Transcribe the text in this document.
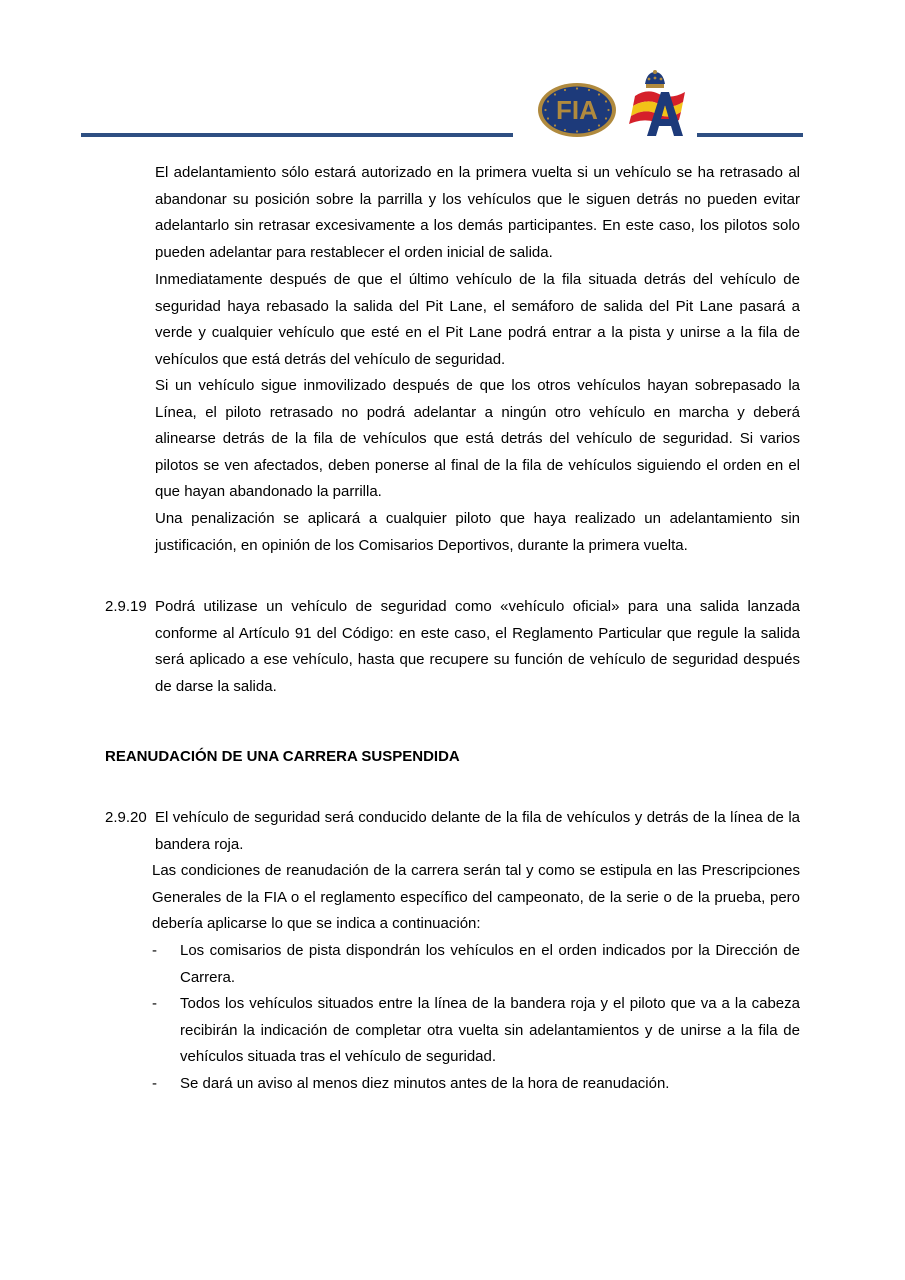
FIA

El adelantamiento sólo estará autorizado en la primera vuelta si un vehículo se ha retrasado al abandonar su posición sobre la parrilla y los vehículos que le siguen detrás no pueden evitar adelantarlo sin retrasar excesivamente a los demás participantes. En este caso, los pilotos solo pueden adelantar para restablecer el orden inicial de salida.

Inmediatamente después de que el último vehículo de la fila situada detrás del vehículo de seguridad haya rebasado la salida del Pit Lane, el semáforo de salida del Pit Lane pasará a verde y cualquier vehículo que esté en el Pit Lane podrá entrar a la pista y unirse a la fila de vehículos que está detrás del vehículo de seguridad.

Si un vehículo sigue inmovilizado después de que los otros vehículos hayan sobrepasado la Línea, el piloto retrasado no podrá adelantar a ningún otro vehículo en marcha y deberá alinearse detrás de la fila de vehículos que está detrás del vehículo de seguridad. Si varios pilotos se ven afectados, deben ponerse al final de la fila de vehículos siguiendo el orden en el que hayan abandonado la parrilla.

Una penalización se aplicará a cualquier piloto que haya realizado un adelantamiento sin justificación, en opinión de los Comisarios Deportivos, durante la primera vuelta.

2.9.19 Podrá utilizase un vehículo de seguridad como «vehículo oficial» para una salida lanzada conforme al Artículo 91 del Código: en este caso, el Reglamento Particular que regule la salida será aplicado a ese vehículo, hasta que recupere su función de vehículo de seguridad después de darse la salida.

REANUDACIÓN DE UNA CARRERA SUSPENDIDA

2.9.20 El vehículo de seguridad será conducido delante de la fila de vehículos y detrás de la línea de la bandera roja.

Las condiciones de reanudación de la carrera serán tal y como se estipula en las Prescripciones Generales de la FIA o el reglamento específico del campeonato, de la serie o de la prueba, pero debería aplicarse lo que se indica a continuación:

- Los comisarios de pista dispondrán los vehículos en el orden indicados por la Dirección de Carrera.

- Todos los vehículos situados entre la línea de la bandera roja y el piloto que va a la cabeza recibirán la indicación de completar otra vuelta sin adelantamientos y de unirse a la fila de vehículos situada tras el vehículo de seguridad.

- Se dará un aviso al menos diez minutos antes de la hora de reanudación.
